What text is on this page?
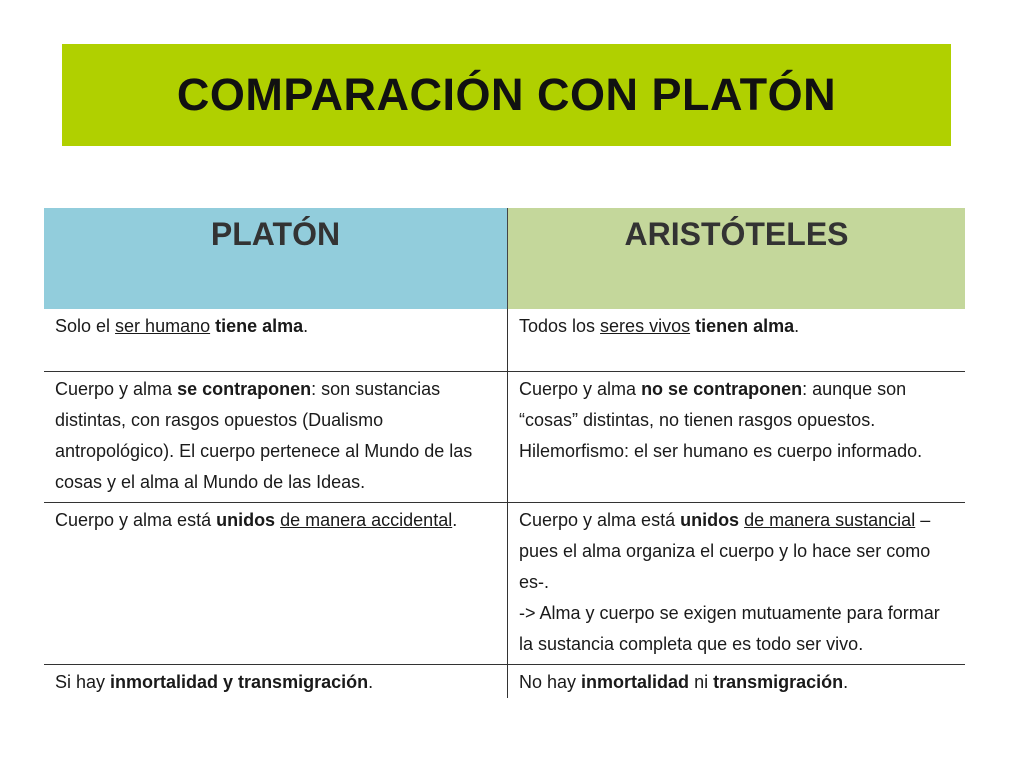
COMPARACIÓN CON PLATÓN
PLATÓN	ARISTÓTELES
Solo el ser humano tiene alma.	Todos los seres vivos tienen alma.
Cuerpo y alma se contraponen: son sustancias distintas, con rasgos opuestos (Dualismo antropológico). El cuerpo pertenece al Mundo de las cosas y el alma al Mundo de las Ideas.	Cuerpo y alma no se contraponen: aunque son “cosas” distintas, no tienen rasgos opuestos.
Hilemorfismo: el ser humano es cuerpo informado.
Cuerpo y alma está unidos de manera accidental.	Cuerpo y alma está unidos de manera sustancial –pues el alma organiza el cuerpo y lo hace ser como es-.
-> Alma y cuerpo se exigen mutuamente para formar la sustancia completa que es todo ser vivo.
Si hay inmortalidad y transmigración.	No hay inmortalidad ni transmigración.
